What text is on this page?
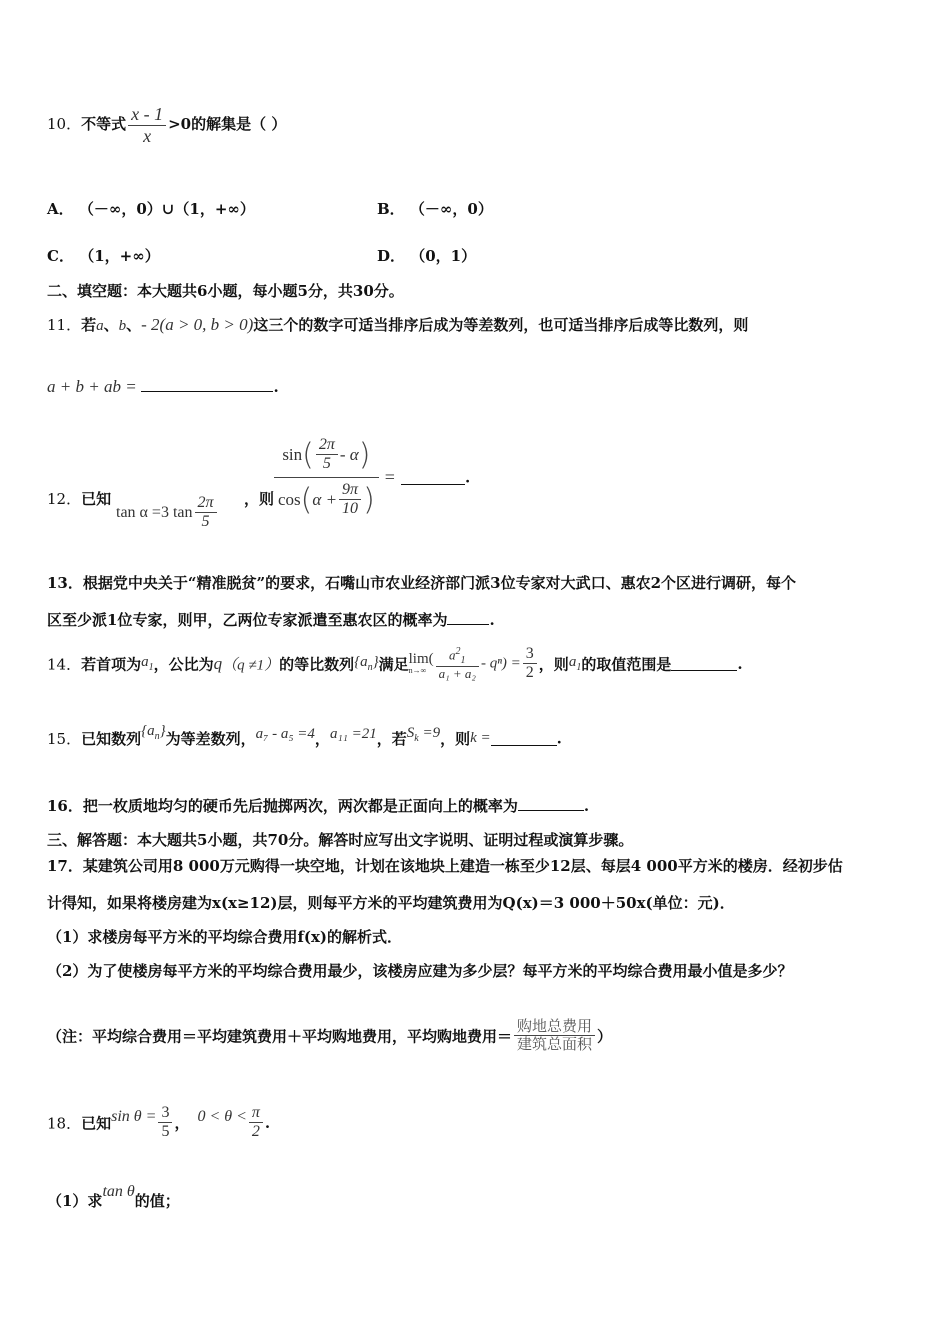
10．不等式 $\frac{x - 1}{x} >0$的解集是（ ）
A． （－∞，0）∪（1，+∞）	B． （－∞，0）
C． （1，+∞）	D． （0，1）
二、填空题：本大题共6小题，每小题5分，共30分。
11．若a、b、- 2(a > 0, b > 0)这三个的数字可适当排序后成为等差数列，也可适当排序后成等比数列，则
a + b + ab =	.
12．已知
tan α =3 $\tan \frac{2\pi}{5}$ ，则 $\frac{\sin( \frac{2\pi}{5} - \alpha)}{\cos(\alpha + \frac{9\pi}{10} )}$ =	.
13．根据党中央关于“精准脱贫”的要求，石嘴山市农业经济部门派3位专家对大武口、惠农2个区进行调研，每个
区至少派1位专家，则甲，乙两位专家派遣至惠农区的概率为	.
14．若首项为$a_1$，公比为q（q ≠1）的等比数列$\{a_n\}$满足 lim(
$n\to\infty \frac{a^2_1}{\text{a₁ + a₂}} - q^n) = \frac{3}{2}$ ，则$a_1$的取值范围是	.
15．已知数列$\{a_n\}$为等差数列，a₇ - a₅ =4，a₁₁ =21，若$S_k =9$，则k =	.
16．把一枚质地均匀的硬币先后抛掷两次，两次都是正面向上的概率为	.
三、解答题：本大题共5小题，共70分。解答时应写出文字说明、证明过程或演算步骤。
17．某建筑公司用8 000万元购得一块空地，计划在该地块上建造一栋至少12层、每层4 000平方米的楼房．经初步估
计得知，如果将楼房建为x(x≥12)层，则每平方米的平均建筑费用为Q(x)＝3 000＋50x(单位：元)．
（1）求楼房每平方米的平均综合费用f(x)的解析式．
（2）为了使楼房每平方米的平均综合费用最少，该楼房应建为多少层？每平方米的平均综合费用最小值是多少？
（注：平均综合费用＝平均建筑费用＋平均购地费用，平均购地费用＝ $\frac{\text{购地总费用}}{\text{建筑总面积}}$ ）
18．已知$\sin \theta = \frac{3}{5}$ ， $0 < \theta < \frac{\pi}{2}$ .
（1）求tan θ的值；
